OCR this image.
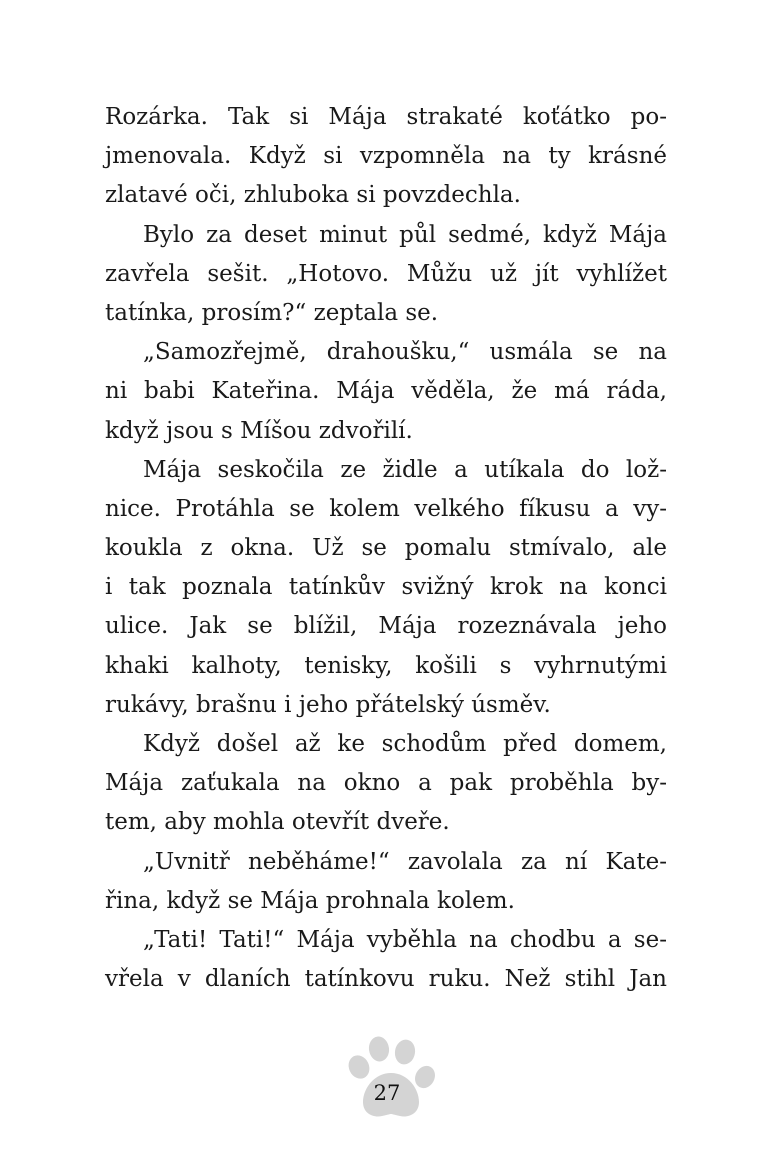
Rozárka. Tak si Mája strakaté koťátko po-
jmenovala. Když si vzpomněla na ty krásné
zlatavé oči, zhluboka si povzdechla.
Bylo za deset minut půl sedmé, když Mája
zavřela sešit. „Hotovo. Můžu už jít vyhlížet
tatínka, prosím?“ zeptala se.
„Samozřejmě, drahoušku,“ usmála se na
ni babi Kateřina. Mája věděla, že má ráda,
když jsou s Míšou zdvořilí.
Mája seskočila ze židle a utíkala do lož-
nice. Protáhla se kolem velkého fíkusu a vy-
koukla z okna. Už se pomalu stmívalo, ale
i tak poznala tatínkův svižný krok na konci
ulice. Jak se blížil, Mája rozeznávala jeho
khaki kalhoty, tenisky, košili s vyhrnutými
rukávy, brašnu i jeho přátelský úsměv.
Když došel až ke schodům před domem,
Mája zaťukala na okno a pak proběhla by-
tem, aby mohla otevřít dveře.
„Uvnitř neběháme!“ zavolala za ní Kate-
řina, když se Mája prohnala kolem.
„Tati! Tati!“ Mája vyběhla na chodbu a se-
vřela v dlaních tatínkovu ruku. Než stihl Jan
27
